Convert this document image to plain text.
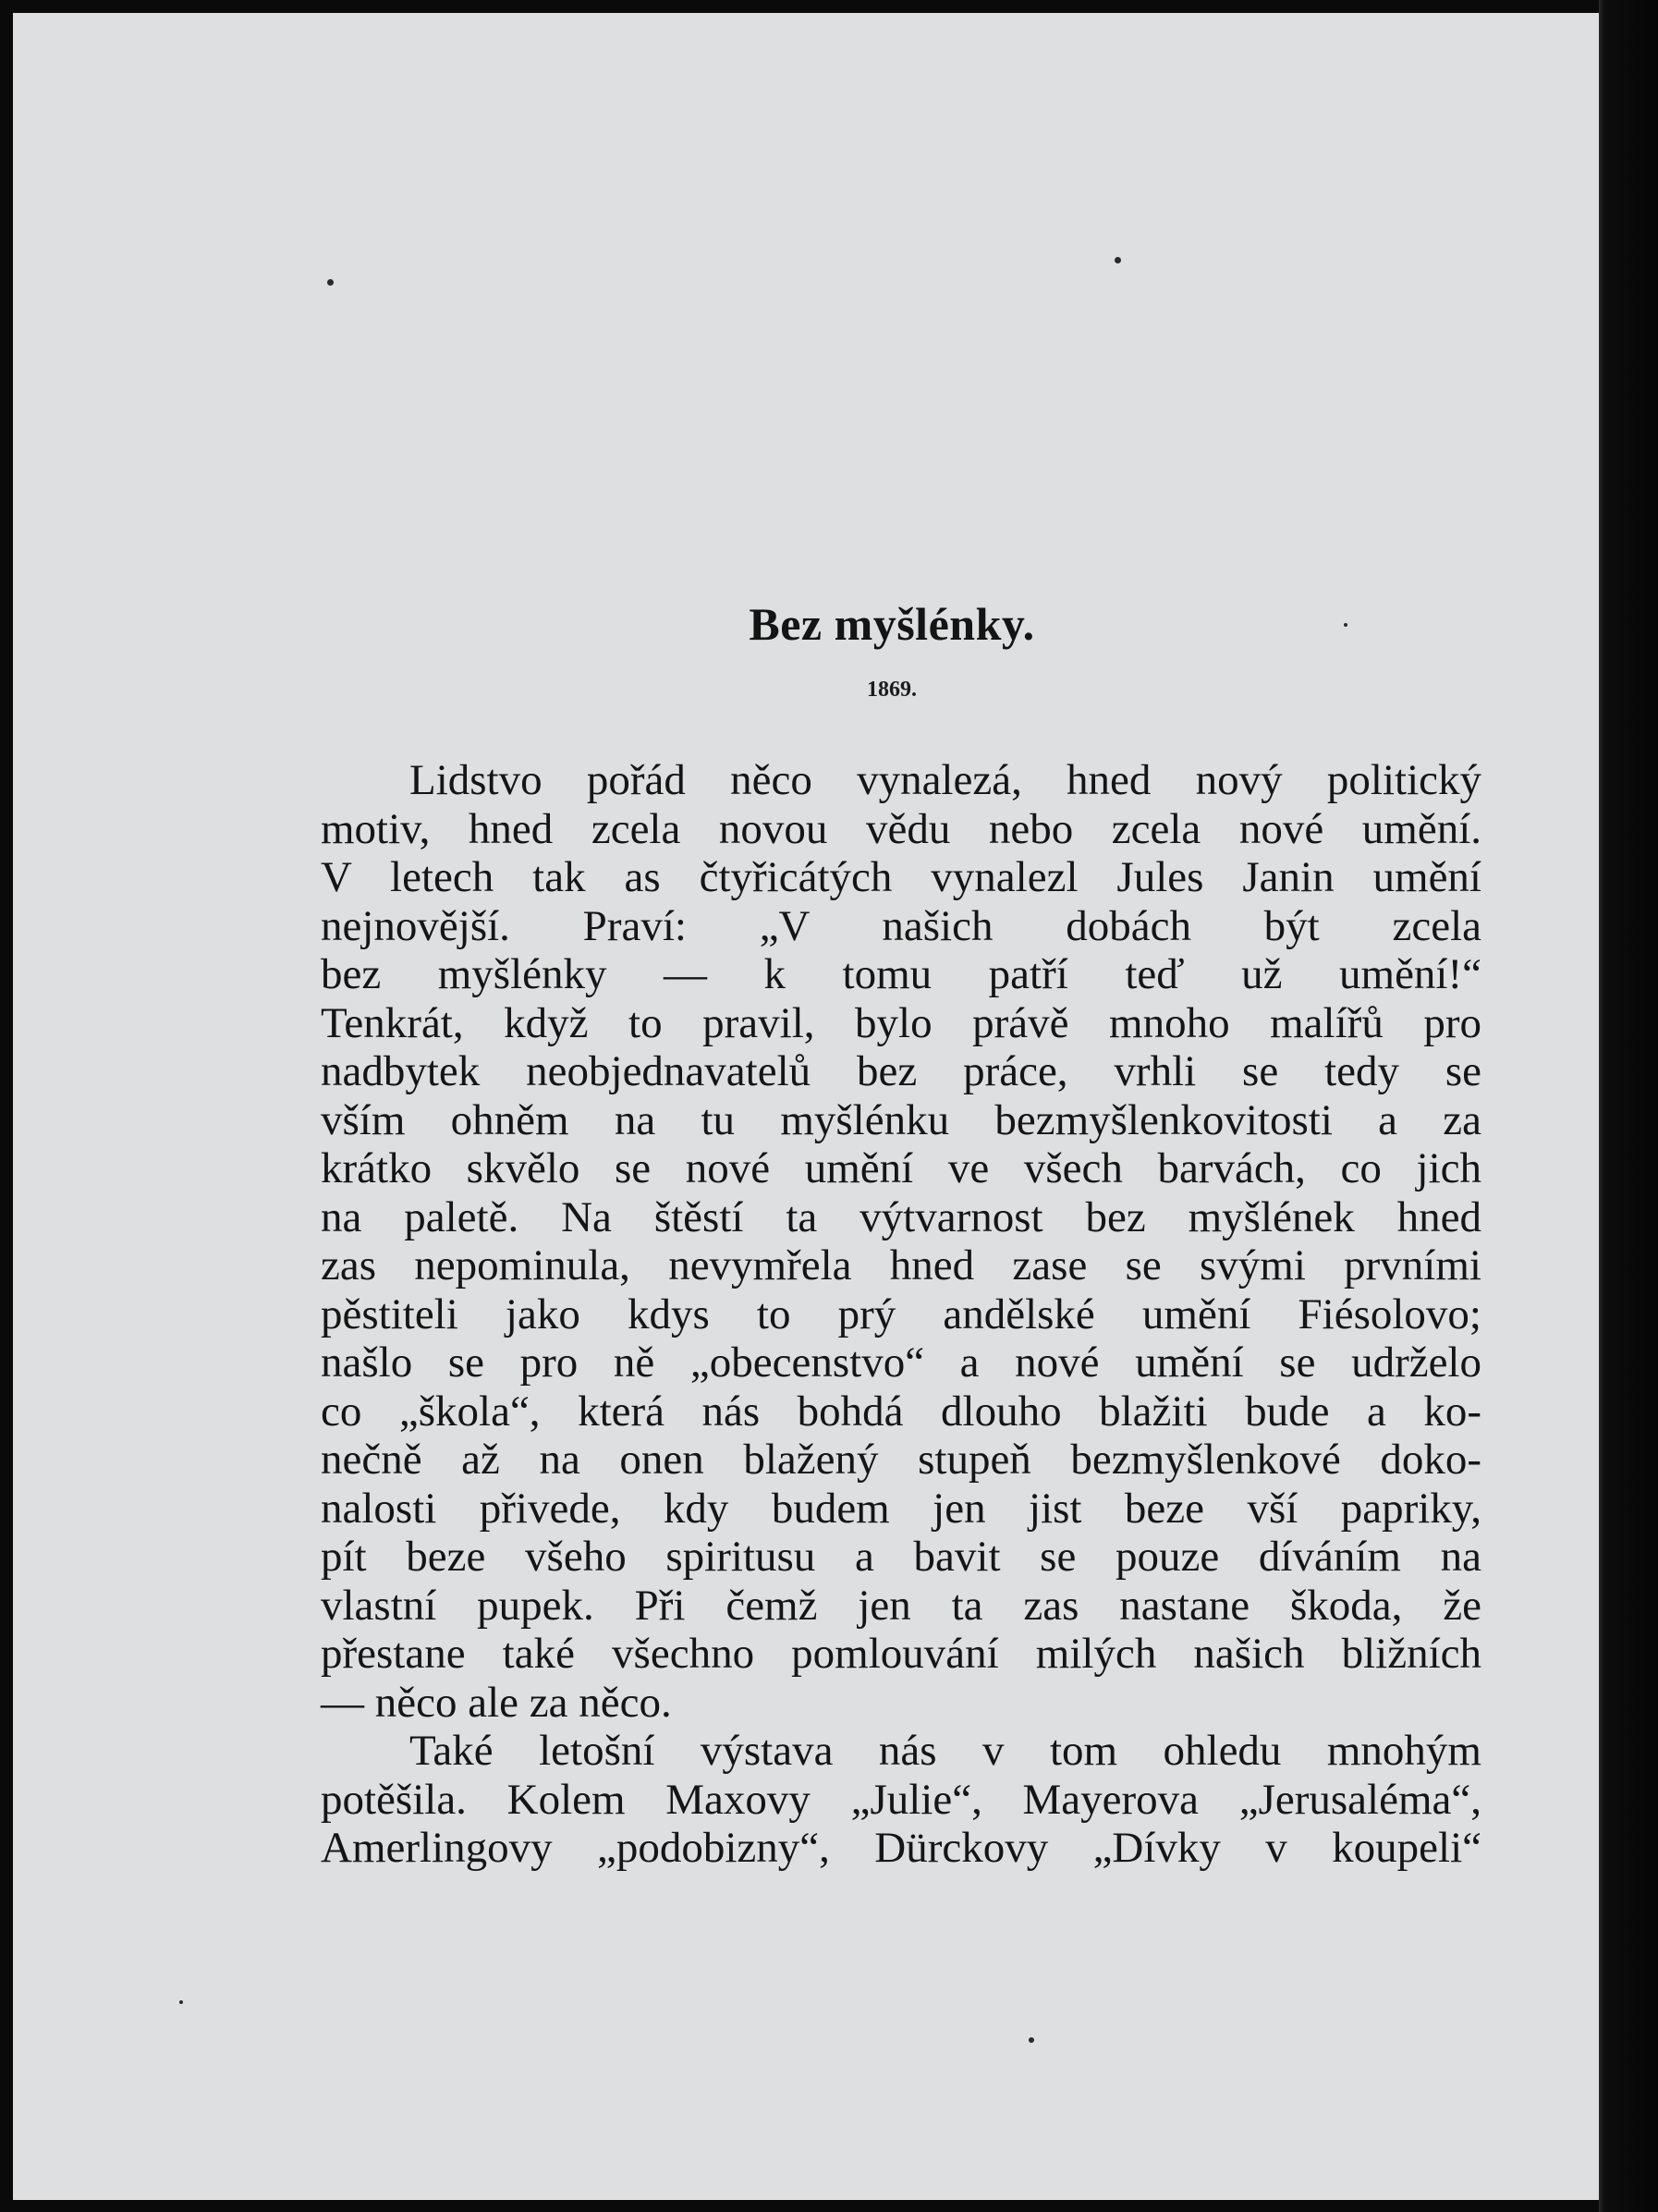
Bez myšlénky.
1869.
Lidstvo pořád něco vynalezá, hned nový politický
motiv, hned zcela novou vědu nebo zcela nové umění.
V letech tak as čtyřicátých vynalezl Jules Janin umění
nejnovější. Praví: „V našich dobách být zcela
bez myšlénky — k tomu patří teď už umění!“
Tenkrát, když to pravil, bylo právě mnoho malířů pro
nadbytek neobjednavatelů bez práce, vrhli se tedy se
vším ohněm na tu myšlénku bezmyšlenkovitosti a za
krátko skvělo se nové umění ve všech barvách, co jich
na paletě. Na štěstí ta výtvarnost bez myšlének hned
zas nepominula, nevymřela hned zase se svými prvními
pěstiteli jako kdys to prý andělské umění Fiésolovo;
našlo se pro ně „obecenstvo“ a nové umění se udrželo
co „škola“, která nás bohdá dlouho blažiti bude a ko-
nečně až na onen blažený stupeň bezmyšlenkové doko-
nalosti přivede, kdy budem jen jist beze vší papriky,
pít beze všeho spiritusu a bavit se pouze díváním na
vlastní pupek. Při čemž jen ta zas nastane škoda, že
přestane také všechno pomlouvání milých našich bližních
— něco ale za něco.
Také letošní výstava nás v tom ohledu mnohým
potěšila. Kolem Maxovy „Julie“, Mayerova „Jerusaléma“,
Amerlingovy „podobizny“, Dürckovy „Dívky v koupeli“
